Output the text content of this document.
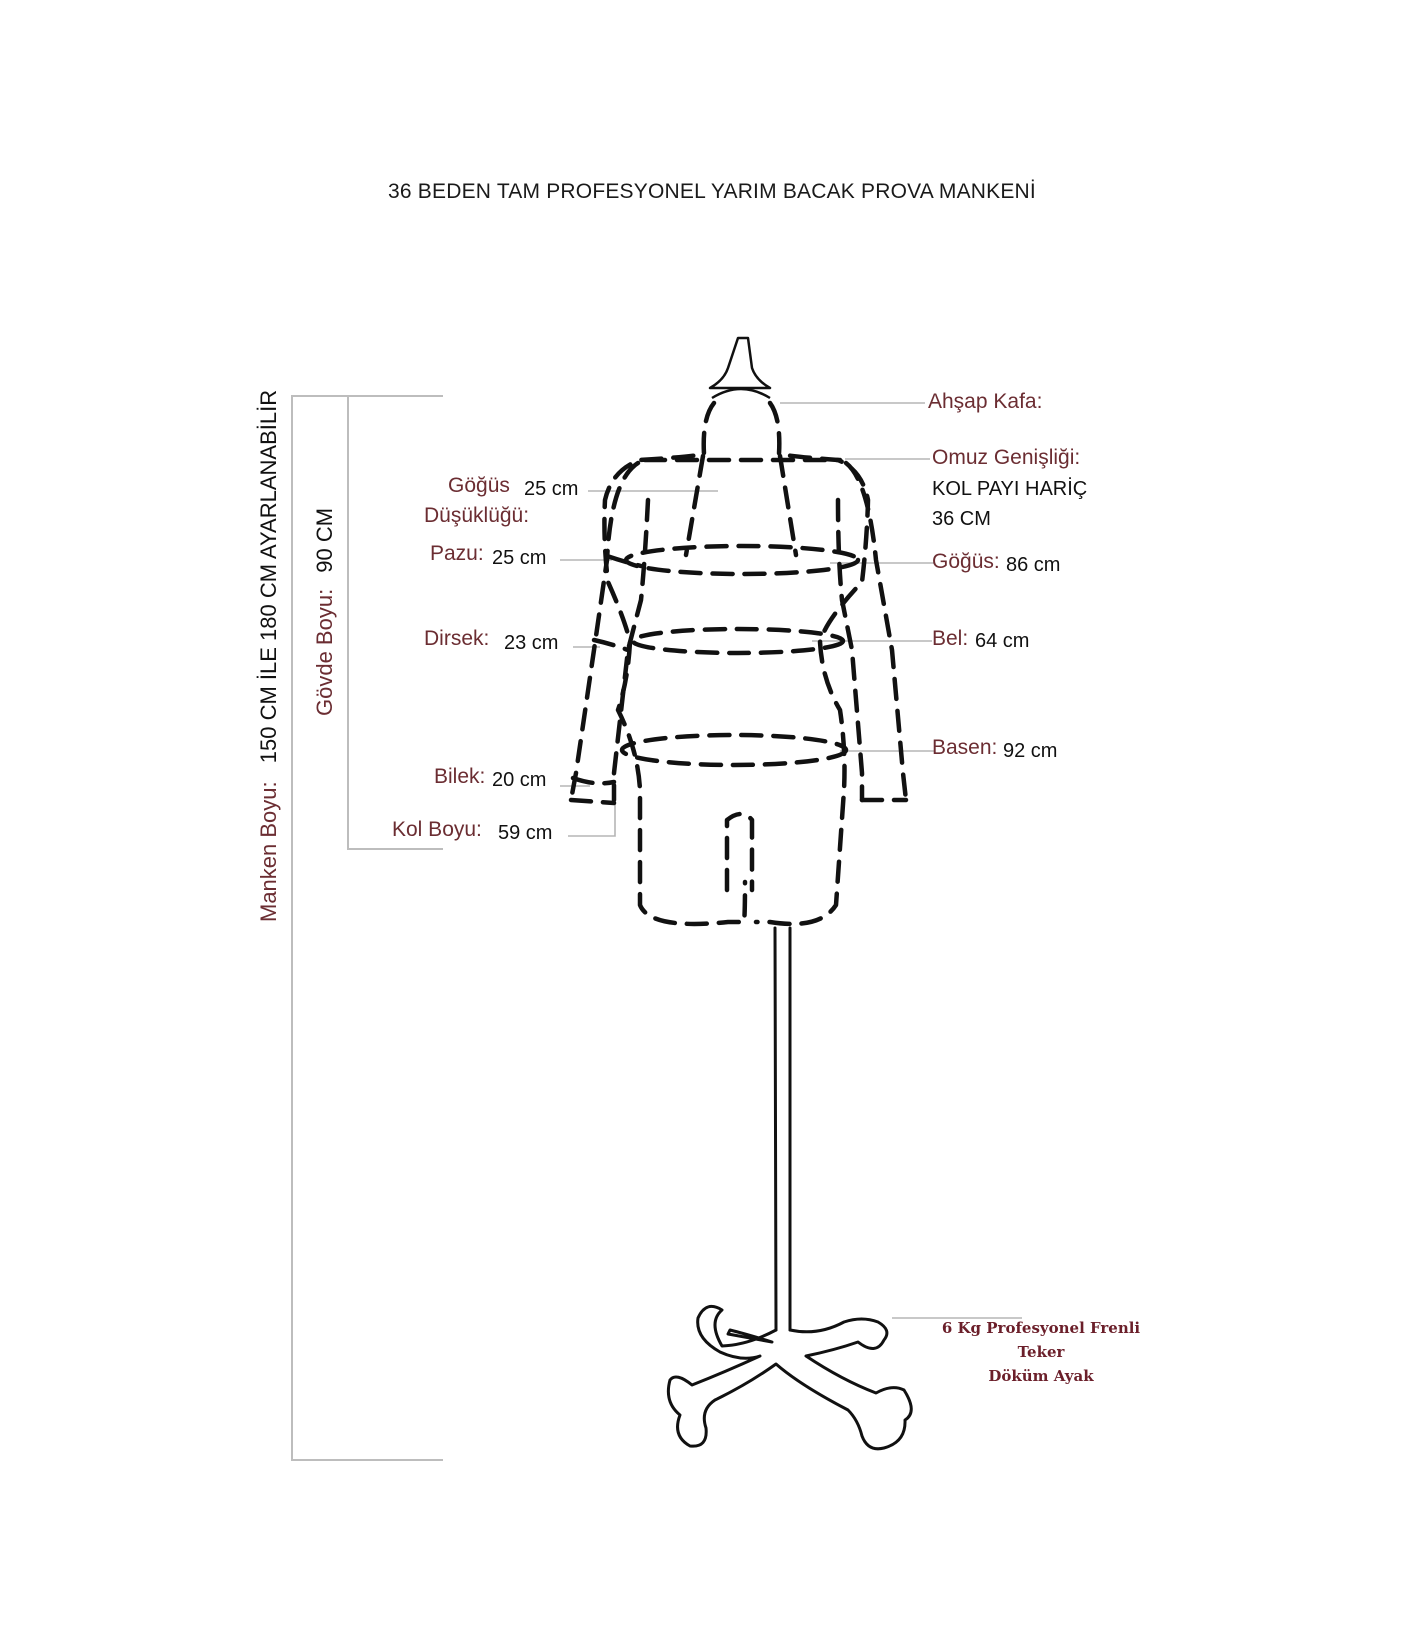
36 BEDEN TAM PROFESYONEL YARIM BACAK PROVA MANKENİ
Ahşap Kafa:
Omuz Genişliği:
KOL PAYI HARİÇ
36 CM
Göğüs: 86 cm
Bel: 64 cm
Basen: 92 cm
Göğüs 25 cm
Düşüklüğü:
Pazu: 25 cm
Dirsek: 23 cm
Bilek: 20 cm
Kol Boyu: 59 cm
Manken Boyu: 150 CM İLE 180 CM AYARLANABİLİR Gövde Boyu: 90 CM
6 Kg Profesyonel Frenli Teker
Döküm Ayak
